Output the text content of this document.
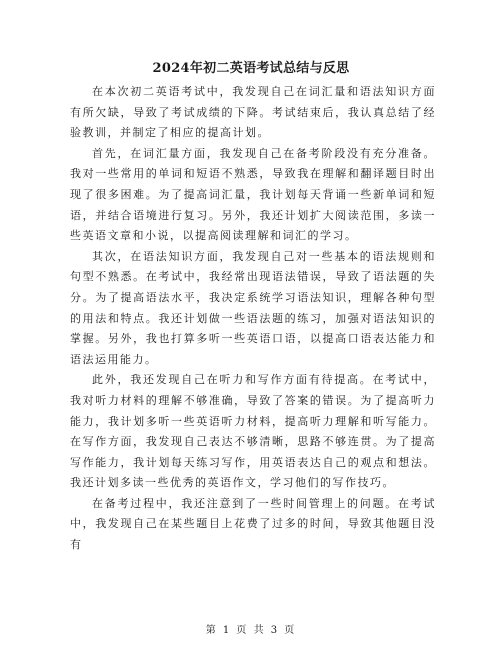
2024年初二英语考试总结与反思

在本次初二英语考试中，我发现自己在词汇量和语法知识方面有所欠缺，导致了考试成绩的下降。考试结束后，我认真总结了经验教训，并制定了相应的提高计划。

首先，在词汇量方面，我发现自己在备考阶段没有充分准备。我对一些常用的单词和短语不熟悉，导致我在理解和翻译题目时出现了很多困难。为了提高词汇量，我计划每天背诵一些新单词和短语，并结合语境进行复习。另外，我还计划扩大阅读范围，多读一些英语文章和小说，以提高阅读理解和词汇的学习。

其次，在语法知识方面，我发现自己对一些基本的语法规则和句型不熟悉。在考试中，我经常出现语法错误，导致了语法题的失分。为了提高语法水平，我决定系统学习语法知识，理解各种句型的用法和特点。我还计划做一些语法题的练习，加强对语法知识的掌握。另外，我也打算多听一些英语口语，以提高口语表达能力和语法运用能力。

此外，我还发现自己在听力和写作方面有待提高。在考试中，我对听力材料的理解不够准确，导致了答案的错误。为了提高听力能力，我计划多听一些英语听力材料，提高听力理解和听写能力。在写作方面，我发现自己表达不够清晰，思路不够连贯。为了提高写作能力，我计划每天练习写作，用英语表达自己的观点和想法。我还计划多读一些优秀的英语作文，学习他们的写作技巧。

在备考过程中，我还注意到了一些时间管理上的问题。在考试中，我发现自己在某些题目上花费了过多的时间，导致其他题目没有

第 1 页 共 3 页
